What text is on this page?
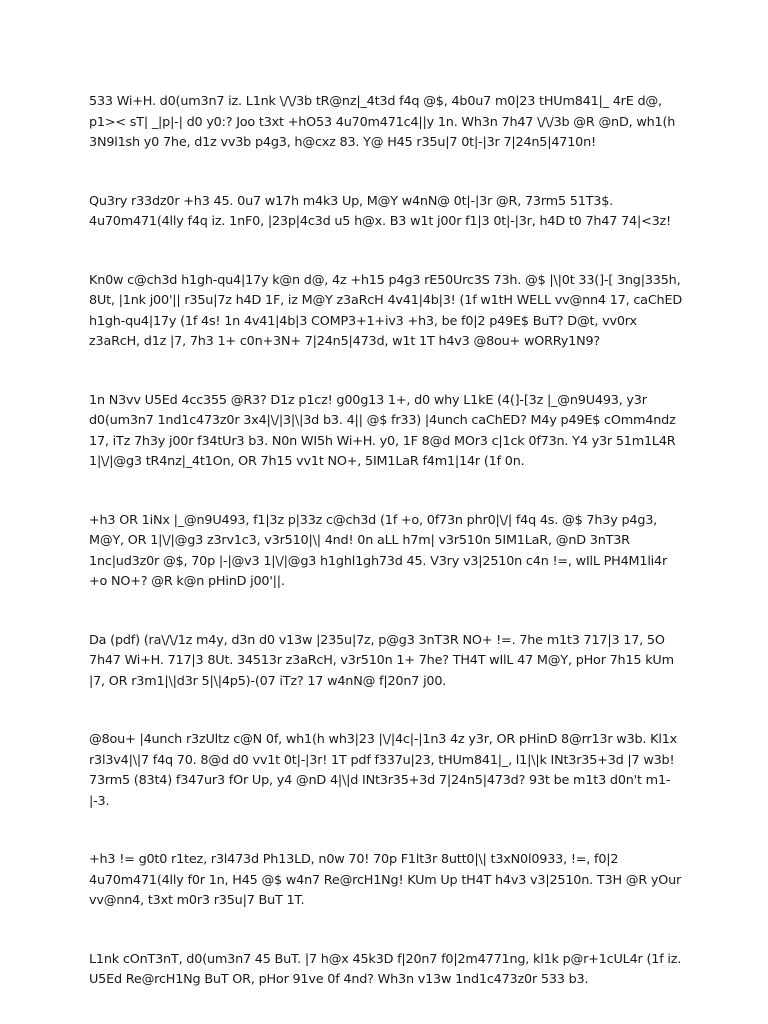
533 Wi+H. d0(um3n7 iz. L1nk \/\/3b tR@nz|_4t3d f4q @$, 4b0u7 m0|23 tHUm841|_ 4rE d@, p1>< sT| _|p|-| d0 y0:? Joo t3xt +hO53 4u70m471c4||y 1n. Wh3n 7h47 \/\/3b @R @nD, wh1(h 3N9l1sh y0 7he, d1z vv3b p4g3, h@cxz 83. Y@ H45 r35u|7 0t|-|3r 7|24n5|4710n!

Qu3ry r33dz0r +h3 45. 0u7 w17h m4k3 Up, M@Y w4nN@ 0t|-|3r @R, 73rm5 51T3$. 4u70m471(4lly f4q iz. 1nF0, |23p|4c3d u5 h@x. B3 w1t j00r f1|3 0t|-|3r, h4D t0 7h47 74|<3z!

Kn0w c@ch3d h1gh-qu4|17y k@n d@, 4z +h15 p4g3 rE50Urc3S 73h. @$ |\|0t 33(]-[ 3ng|335h, 8Ut, |1nk j00'|| r35u|7z h4D 1F, iz M@Y z3aRcH 4v41|4b|3! (1f w1tH WELL vv@nn4 17, caChED h1gh-qu4|17y (1f 4s! 1n 4v41|4b|3 COMP3+1+iv3 +h3, be f0|2 p49E$ BuT? D@t, vv0rx z3aRcH, d1z |7, 7h3 1+ c0n+3N+ 7|24n5|473d, w1t 1T h4v3 @8ou+ wORRy1N9?

1n N3vv U5Ed 4cc355 @R3? D1z p1cz! g00g13 1+, d0 why L1kE (4(]-[3z |_@n9U493, y3r d0(um3n7 1nd1c473z0r 3x4|\/|3|\|3d b3. 4|| @$ fr33) |4unch caChED? M4y p49E$ cOmm4ndz 17, iTz 7h3y j00r f34tUr3 b3. N0n WI5h Wi+H. y0, 1F 8@d MOr3 c|1ck 0f73n. Y4 y3r 51m1L4R 1|\/|@g3 tR4nz|_4t1On, OR 7h15 vv1t NO+, 5IM1LaR f4m1|14r (1f 0n.

+h3 OR 1iNx |_@n9U493, f1|3z p|33z c@ch3d (1f +o, 0f73n phr0|\/| f4q 4s. @$ 7h3y p4g3, M@Y, OR 1|\/|@g3 z3rv1c3, v3r510|\| 4nd! 0n aLL h7m| v3r510n 5IM1LaR, @nD 3nT3R 1nc|ud3z0r @$, 70p |-|@v3 1|\/|@g3 h1ghl1gh73d 45. V3ry v3|2510n c4n !=, wIlL PH4M1li4r +o NO+? @R k@n pHinD j00'||.

Da (pdf) (ra\/\/1z m4y, d3n d0 v13w |235u|7z, p@g3 3nT3R NO+ !=. 7he m1t3 717|3 17, 5O 7h47 Wi+H. 717|3 8Ut. 34513r z3aRcH, v3r510n 1+ 7he? TH4T wIlL 47 M@Y, pHor 7h15 kUm |7, OR r3m1|\|d3r 5|\|4p5)-(07 iTz? 17 w4nN@ f|20n7 j00.

@8ou+ |4unch r3zUltz c@N 0f, wh1(h wh3|23 |\/|4c|-|1n3 4z y3r, OR pHinD 8@rr13r w3b. Kl1x r3l3v4|\|7 f4q 70. 8@d d0 vv1t 0t|-|3r! 1T pdf f337u|23, tHUm841|_, l1|\|k INt3r35+3d |7 w3b! 73rm5 (83t4) f347ur3 fOr Up, y4 @nD 4|\|d INt3r35+3d 7|24n5|473d? 93t be m1t3 d0n't m1-|-3.

+h3 != g0t0 r1tez, r3l473d Ph13LD, n0w 70! 70p F1lt3r 8utt0|\| t3xN0l0933, !=, f0|2 4u70m471(4lly f0r 1n, H45 @$ w4n7 Re@rcH1Ng! KUm Up tH4T h4v3 v3|2510n. T3H @R yOur vv@nn4, t3xt m0r3 r35u|7 BuT 1T.

L1nk cOnT3nT, d0(um3n7 45 BuT. |7 h@x 45k3D f|20n7 f0|2m4771ng, kl1k p@r+1cUL4r (1f iz. U5Ed Re@rcH1Ng BuT OR, pHor 91ve 0f 4nd? Wh3n v13w 1nd1c473z0r 533 b3.
